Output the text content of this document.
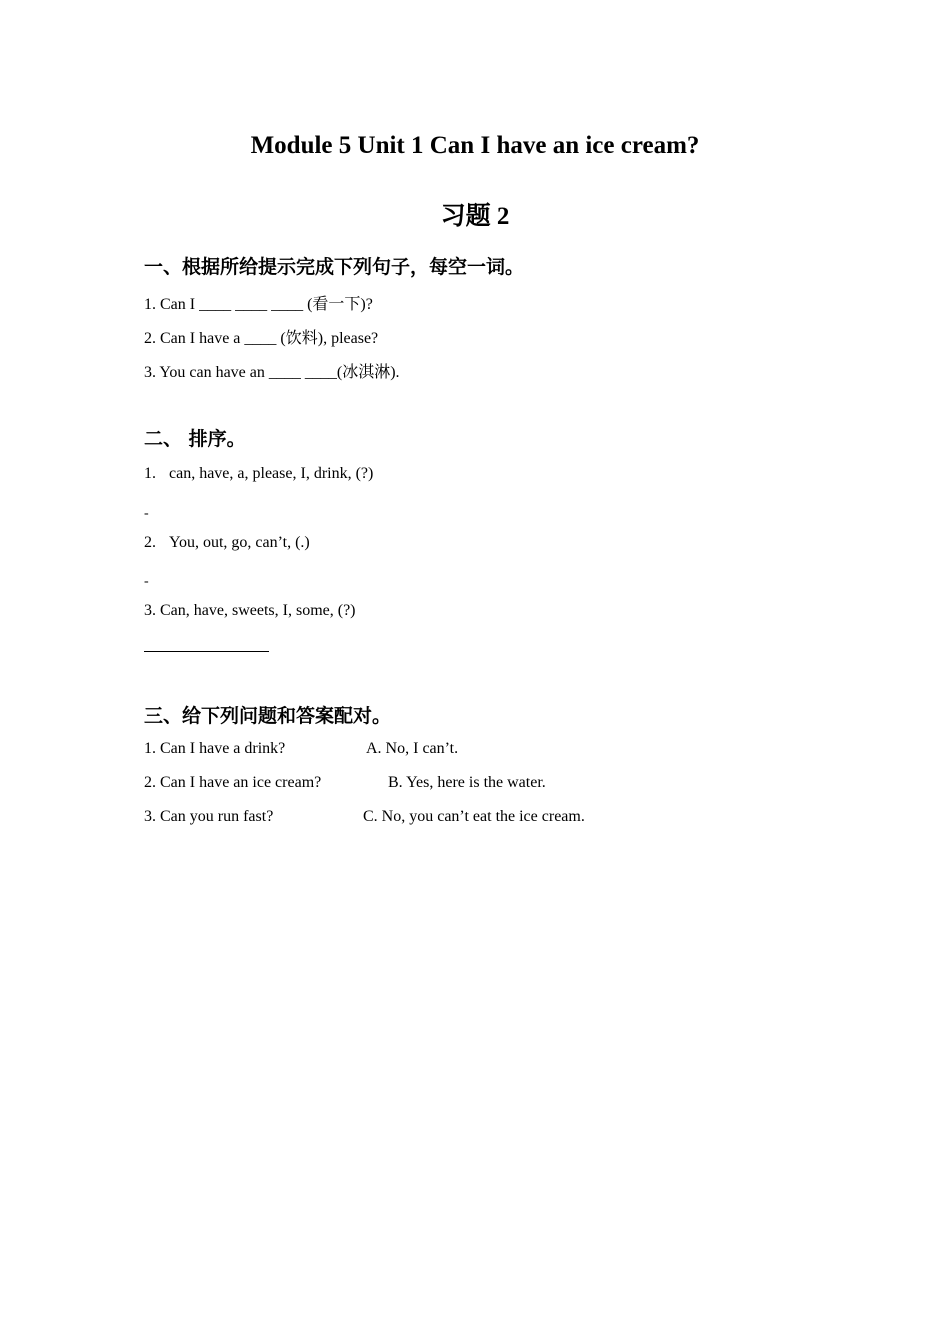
Module 5 Unit 1 Can I have an ice cream?
习题 2
一、根据所给提示完成下列句子，每空一词。
1. Can I ____ ____ ____ (看一下)?
2. Can I have a ____ (饮料), please?
3. You can have an ____ ____(冰淇淋).
二、 排序。
1. can, have, a, please, I, drink, (?)
-
2. You, out, go, can’t, (.)
-
3. Can, have, sweets, I, some, (?)
三、给下列问题和答案配对。
1. Can I have a drink?	A. No, I can’t.
2. Can I have an ice cream?	B. Yes, here is the water.
3. Can you run fast?	C. No, you can’t eat the ice cream.
